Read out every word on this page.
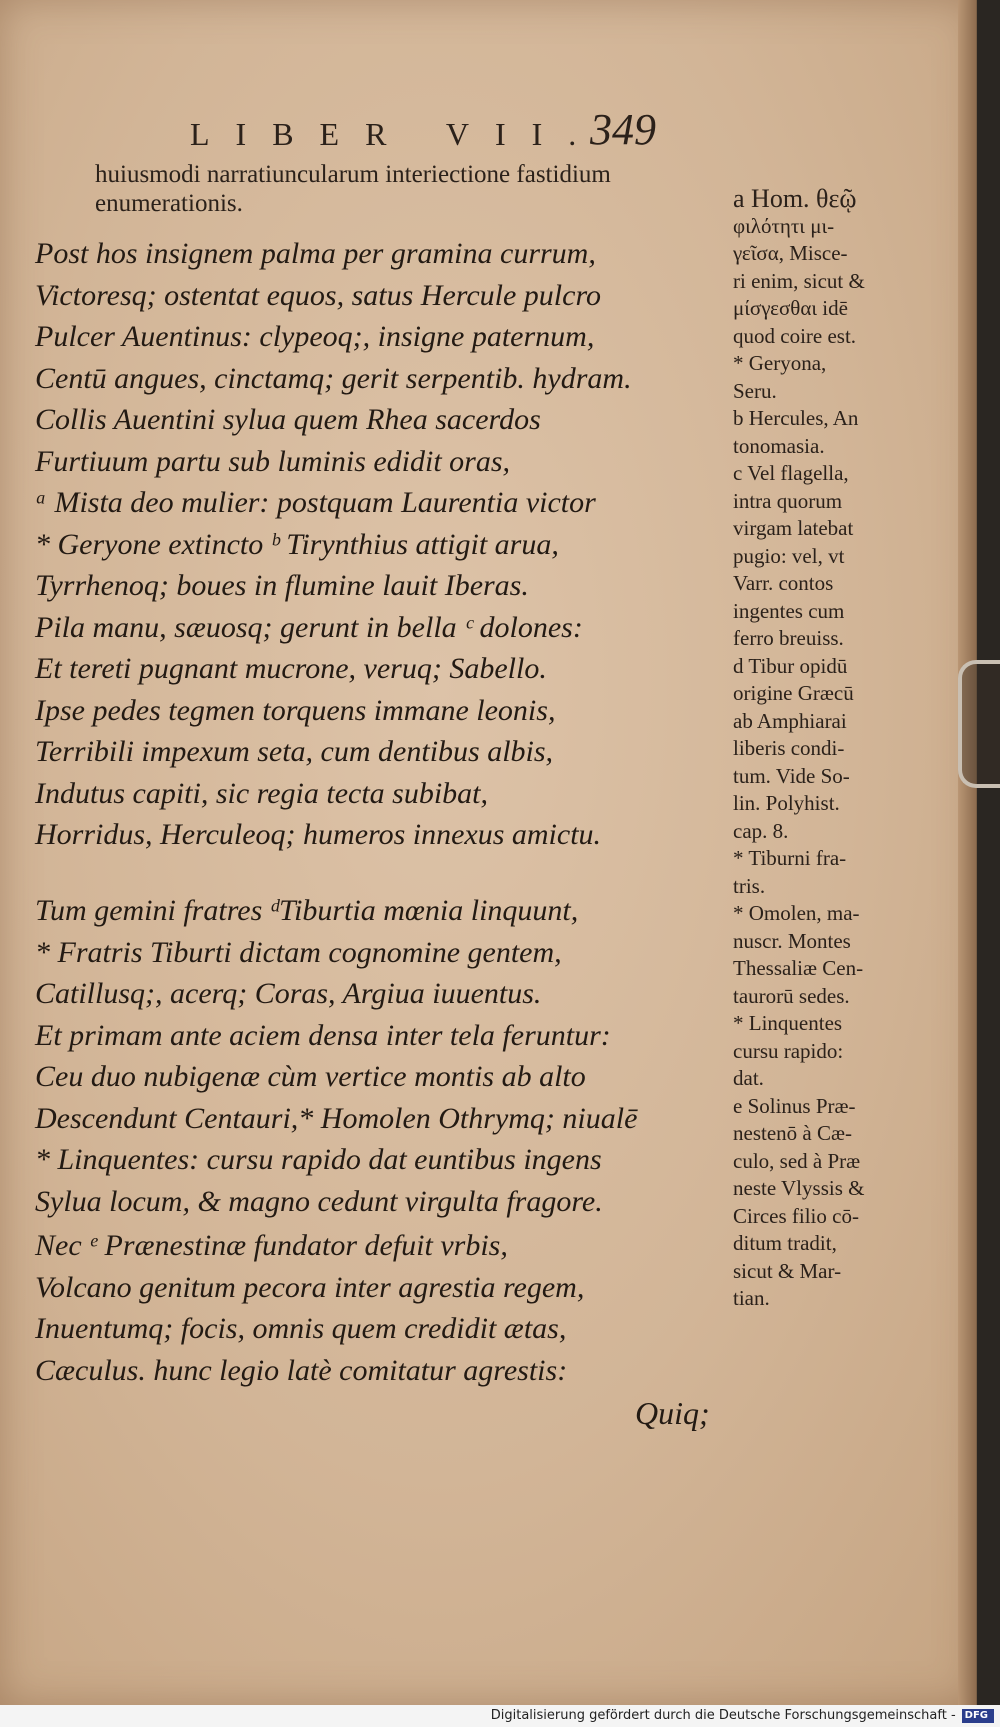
LIBER VII.
349
huiusmodi narratiuncularum interiectione fastidium
enumerationis.
Post hos insignem palma per gramina currum,
Victoresq; ostentat equos, satus Hercule pulcro
Pulcer Auentinus: clypeoq;, insigne paternum,
Centū angues, cinctamq; gerit serpentib. hydram.
Collis Auentini sylua quem Rhea sacerdos
Furtiuum partu sub luminis edidit oras,
ᵃ Mista deo mulier: postquam Laurentia victor
* Geryone extincto ᵇ Tirynthius attigit arua,
Tyrrhenoq; boues in flumine lauit Iberas.
Pila manu, sæuosq; gerunt in bella ᶜ dolones:
Et tereti pugnant mucrone, veruq; Sabello.
Ipse pedes tegmen torquens immane leonis,
Terribili impexum seta, cum dentibus albis,
Indutus capiti, sic regia tecta subibat,
Horridus, Herculeoq; humeros innexus amictu.
Tum gemini fratres ᵈTiburtia mœnia linquunt,
* Fratris Tiburti dictam cognomine gentem,
Catillusq;, acerq; Coras, Argiua iuuentus.
Et primam ante aciem densa inter tela feruntur:
Ceu duo nubigenæ cùm vertice montis ab alto
Descendunt Centauri,* Homolen Othrymq; niualē
* Linquentes: cursu rapido dat euntibus ingens
Sylua locum, & magno cedunt virgulta fragore.
Nec ᵉ Prænestinæ fundator defuit vrbis,
Volcano genitum pecora inter agrestia regem,
Inuentumq; focis, omnis quem credidit ætas,
Cæculus. hunc legio latè comitatur agrestis:
Quiq;
a Hom. θεῷ
φιλότητι μι-
γεῖσα, Misce-
ri enim, sicut &
μίσγεσθαι idē
quod coire est.
* Geryona,
Seru.
b Hercules, An
tonomasia.
c Vel flagella,
intra quorum
virgam latebat
pugio: vel, vt
Varr. contos
ingentes cum
ferro breuiss.
d Tibur opidū
origine Græcū
ab Amphiarai
liberis condi-
tum. Vide So-
lin. Polyhist.
cap. 8.
* Tiburni fra-
tris.
* Omolen, ma-
nuscr. Montes
Thessaliæ Cen-
taurorū sedes.
* Linquentes
cursu rapido:
dat.
e Solinus Præ-
nestenō à Cæ-
culo, sed à Præ
neste Vlyssis &
Circes filio cō-
ditum tradit,
sicut & Mar-
tian.
Digitalisierung gefördert durch die Deutsche Forschungsgemeinschaft - DFG
